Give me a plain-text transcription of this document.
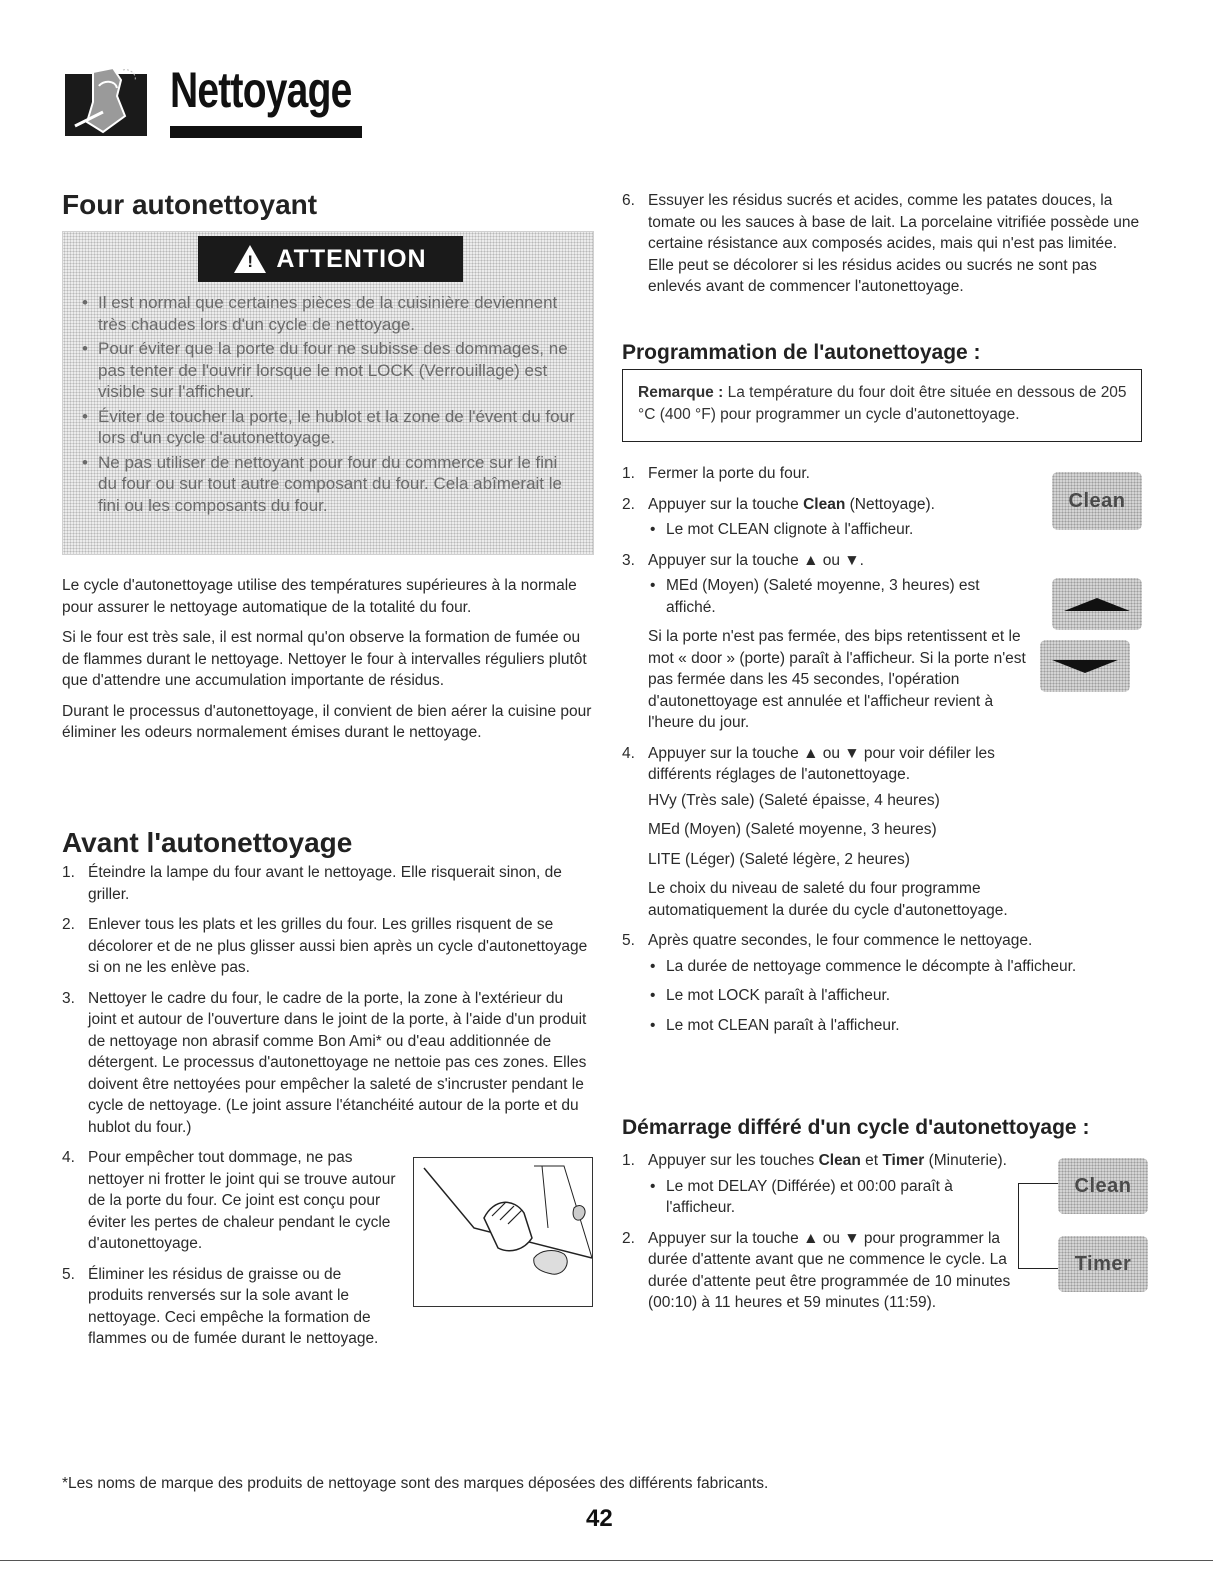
Nettoyage
Four autonettoyant
! ATTENTION
• Il est normal que certaines pièces de la cuisinière deviennent très chaudes lors d'un cycle de nettoyage.
• Pour éviter que la porte du four ne subisse des dommages, ne pas tenter de l'ouvrir lorsque le mot LOCK (Verrouillage) est visible sur l'afficheur.
• Éviter de toucher la porte, le hublot et la zone de l'évent du four lors d'un cycle d'autonettoyage.
• Ne pas utiliser de nettoyant pour four du commerce sur le fini du four ou sur tout autre composant du four. Cela abîmerait le fini ou les composants du four.

Le cycle d'autonettoyage utilise des températures supérieures à la normale pour assurer le nettoyage automatique de la totalité du four.

Si le four est très sale, il est normal qu'on observe la formation de fumée ou de flammes durant le nettoyage. Nettoyer le four à intervalles réguliers plutôt que d'attendre une accumulation importante de résidus.

Durant le processus d'autonettoyage, il convient de bien aérer la cuisine pour éliminer les odeurs normalement émises durant le nettoyage.

Avant l'autonettoyage
1. Éteindre la lampe du four avant le nettoyage. Elle risquerait sinon, de griller.
2. Enlever tous les plats et les grilles du four. Les grilles risquent de se décolorer et de ne plus glisser aussi bien après un cycle d'autonettoyage si on ne les enlève pas.
3. Nettoyer le cadre du four, le cadre de la porte, la zone à l'extérieur du joint et autour de l'ouverture dans le joint de la porte, à l'aide d'un produit de nettoyage non abrasif comme Bon Ami* ou d'eau additionnée de détergent. Le processus d'autonettoyage ne nettoie pas ces zones. Elles doivent être nettoyées pour empêcher la saleté de s'incruster pendant le cycle de nettoyage. (Le joint assure l'étanchéité autour de la porte et du hublot du four.)
4. Pour empêcher tout dommage, ne pas nettoyer ni frotter le joint qui se trouve autour de la porte du four. Ce joint est conçu pour éviter les pertes de chaleur pendant le cycle d'autonettoyage.
5. Éliminer les résidus de graisse ou de produits renversés sur la sole avant le nettoyage. Ceci empêche la formation de flammes ou de fumée durant le nettoyage.
6. Essuyer les résidus sucrés et acides, comme les patates douces, la tomate ou les sauces à base de lait. La porcelaine vitrifiée possède une certaine résistance aux composés acides, mais qui n'est pas limitée. Elle peut se décolorer si les résidus acides ou sucrés ne sont pas enlevés avant de commencer l'autonettoyage.
Programmation de l'autonettoyage :
Remarque : La température du four doit être située en dessous de 205 °C (400 °F) pour programmer un cycle d'autonettoyage.
1. Fermer la porte du four.
2. Appuyer sur la touche Clean (Nettoyage).
• Le mot CLEAN clignote à l'afficheur.
3. Appuyer sur la touche ▲ ou ▼.
• MEd (Moyen) (Saleté moyenne, 3 heures) est affiché.
Si la porte n'est pas fermée, des bips retentissent et le mot « door » (porte) paraît à l'afficheur. Si la porte n'est pas fermée dans les 45 secondes, l'opération d'autonettoyage est annulée et l'afficheur revient à l'heure du jour.
4. Appuyer sur la touche ▲ ou ▼ pour voir défiler les différents réglages de l'autonettoyage.
HVy (Très sale) (Saleté épaisse, 4 heures)
MEd (Moyen) (Saleté moyenne, 3 heures)
LITE (Léger) (Saleté légère, 2 heures)
Le choix du niveau de saleté du four programme automatiquement la durée du cycle d'autonettoyage.
5. Après quatre secondes, le four commence le nettoyage.
• La durée de nettoyage commence le décompte à l'afficheur.
• Le mot LOCK paraît à l'afficheur.
• Le mot CLEAN paraît à l'afficheur.
Clean
Démarrage différé d'un cycle d'autonettoyage :
1. Appuyer sur les touches Clean et Timer (Minuterie).
• Le mot DELAY (Différée) et 00:00 paraît à l'afficheur.
2. Appuyer sur la touche ▲ ou ▼ pour programmer la durée d'attente avant que ne commence le cycle. La durée d'attente peut être programmée de 10 minutes (00:10) à 11 heures et 59 minutes (11:59).
Clean
Timer
*Les noms de marque des produits de nettoyage sont des marques déposées des différents fabricants.
42
